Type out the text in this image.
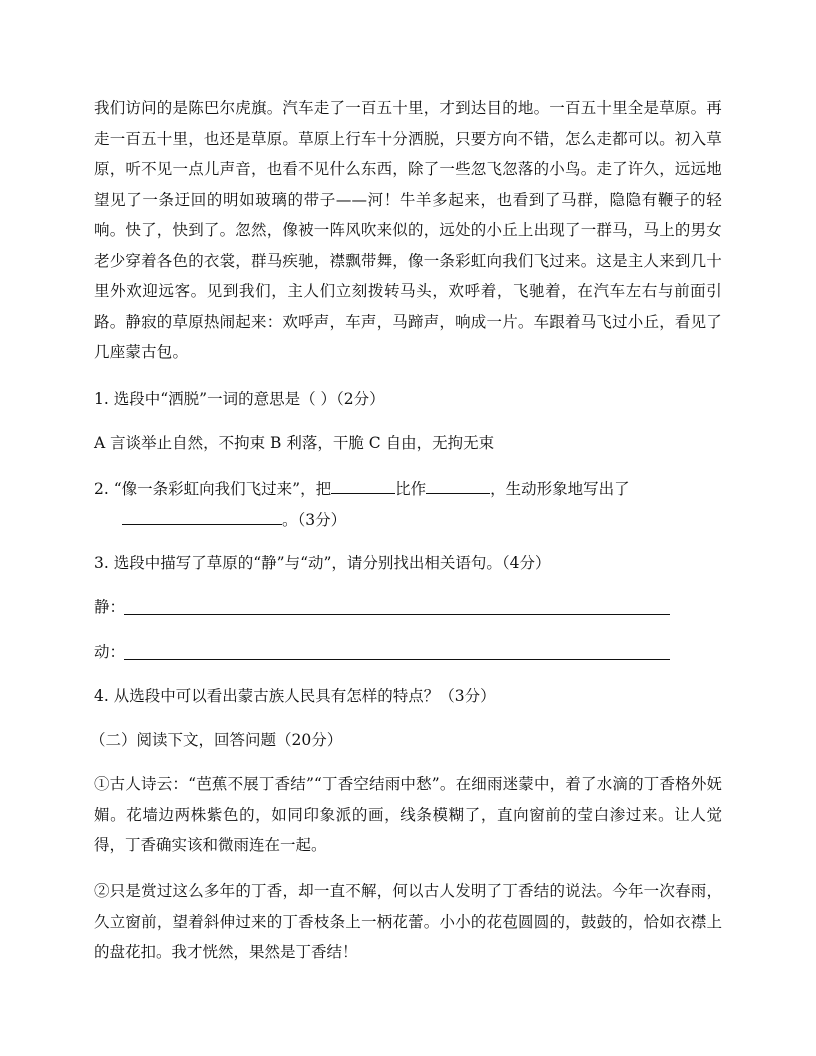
我们访问的是陈巴尔虎旗。汽车走了一百五十里，才到达目的地。一百五十里全是草原。再走一百五十里，也还是草原。草原上行车十分洒脱，只要方向不错，怎么走都可以。初入草原，听不见一点儿声音，也看不见什么东西，除了一些忽飞忽落的小鸟。走了许久，远远地望见了一条迂回的明如玻璃的带子——河！牛羊多起来，也看到了马群，隐隐有鞭子的轻响。快了，快到了。忽然，像被一阵风吹来似的，远处的小丘上出现了一群马，马上的男女老少穿着各色的衣裳，群马疾驰，襟飘带舞，像一条彩虹向我们飞过来。这是主人来到几十里外欢迎远客。见到我们，主人们立刻拨转马头，欢呼着，飞驰着，在汽车左右与前面引路。静寂的草原热闹起来：欢呼声，车声，马蹄声，响成一片。车跟着马飞过小丘，看见了几座蒙古包。

1. 选段中“洒脱”一词的意思是（ ）（2分）
A 言谈举止自然，不拘束 B 利落，干脆 C 自由，无拘无束
2. “像一条彩虹向我们飞过来”，把	比作	，生动形象地写出了
。（3分）
3. 选段中描写了草原的“静”与“动”，请分别找出相关语句。（4分）
静：
动：
4. 从选段中可以看出蒙古族人民具有怎样的特点？（3分）
（二）阅读下文，回答问题（20分）

①古人诗云：“芭蕉不展丁香结”“丁香空结雨中愁”。在细雨迷蒙中，着了水滴的丁香格外妩媚。花墙边两株紫色的，如同印象派的画，线条模糊了，直向窗前的莹白渗过来。让人觉得，丁香确实该和微雨连在一起。

②只是赏过这么多年的丁香，却一直不解，何以古人发明了丁香结的说法。今年一次春雨，久立窗前，望着斜伸过来的丁香枝条上一柄花蕾。小小的花苞圆圆的，鼓鼓的，恰如衣襟上的盘花扣。我才恍然，果然是丁香结！
